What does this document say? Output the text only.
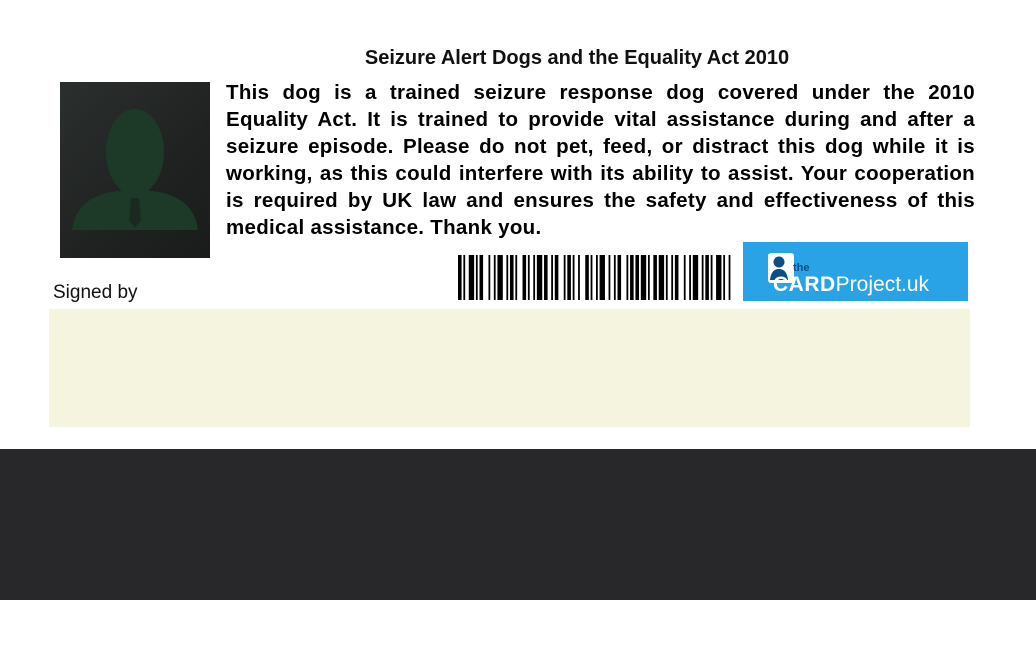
Seizure Alert Dogs and the Equality Act 2010

This dog is a trained seizure response dog covered under the 2010 Equality Act. It is trained to provide vital assistance during and after a seizure episode. Please do not pet, feed, or distract this dog while it is working, as this could interfere with its ability to assist. Your cooperation is required by UK law and ensures the safety and effectiveness of this medical assistance. Thank you.

Signed by

the
CARDProject.uk
